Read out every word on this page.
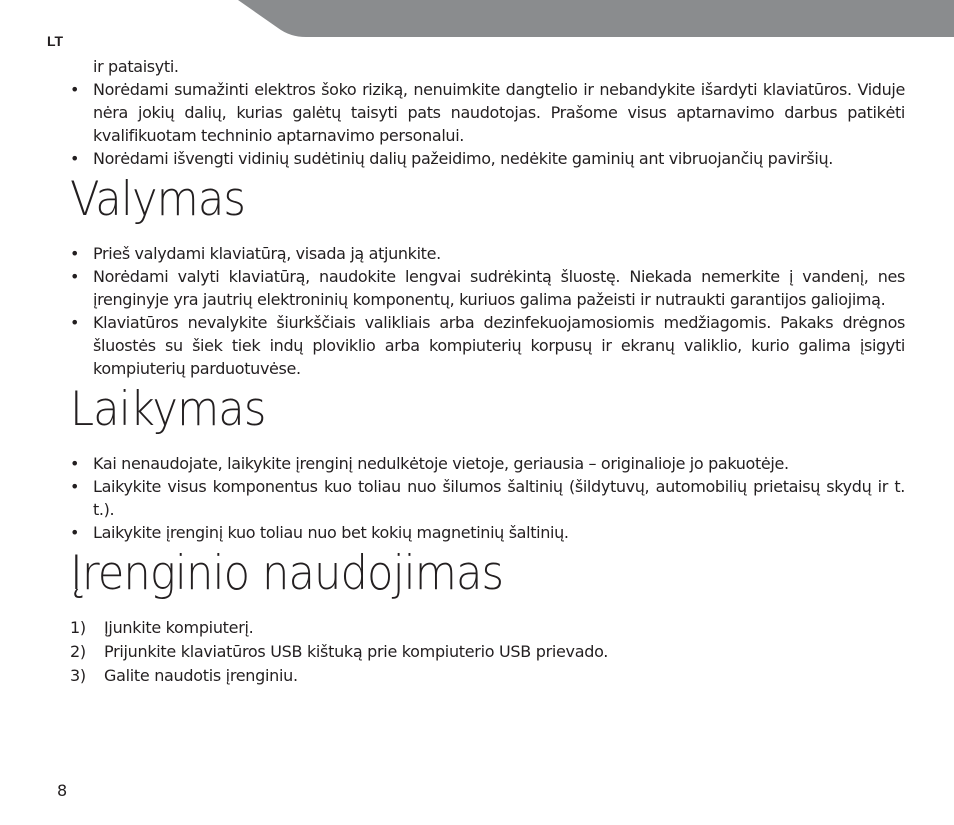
LT
ir pataisyti.
• Norėdami sumažinti elektros šoko riziką, nenuimkite dangtelio ir nebandykite išardyti klaviatūros. Viduje nėra jokių dalių, kurias galėtų taisyti pats naudotojas. Prašome visus aptarnavimo darbus patikėti kvalifikuotam techninio aptarnavimo personalui.
• Norėdami išvengti vidinių sudėtinių dalių pažeidimo, nedėkite gaminių ant vibruojančių paviršių.
Valymas
• Prieš valydami klaviatūrą, visada ją atjunkite.
• Norėdami valyti klaviatūrą, naudokite lengvai sudrėkintą šluostę. Niekada nemerkite į vandenį, nes įrenginyje yra jautrių elektroninių komponentų, kuriuos galima pažeisti ir nutraukti garantijos galiojimą.
• Klaviatūros nevalykite šiurkščiais valikliais arba dezinfekuojamosiomis medžiagomis. Pakaks drėgnos šluostės su šiek tiek indų ploviklio arba kompiuterių korpusų ir ekranų valiklio, kurio galima įsigyti kompiuterių parduotuvėse.
Laikymas
• Kai nenaudojate, laikykite įrenginį nedulkėtoje vietoje, geriausia – originalioje jo pakuotėje.
• Laikykite visus komponentus kuo toliau nuo šilumos šaltinių (šildytuvų, automobilių prietaisų skydų ir t. t.).
• Laikykite įrenginį kuo toliau nuo bet kokių magnetinių šaltinių.
Įrenginio naudojimas
1)	Įjunkite kompiuterį.
2)	Prijunkite klaviatūros USB kištuką prie kompiuterio USB prievado.
3)	Galite naudotis įrenginiu.
8
